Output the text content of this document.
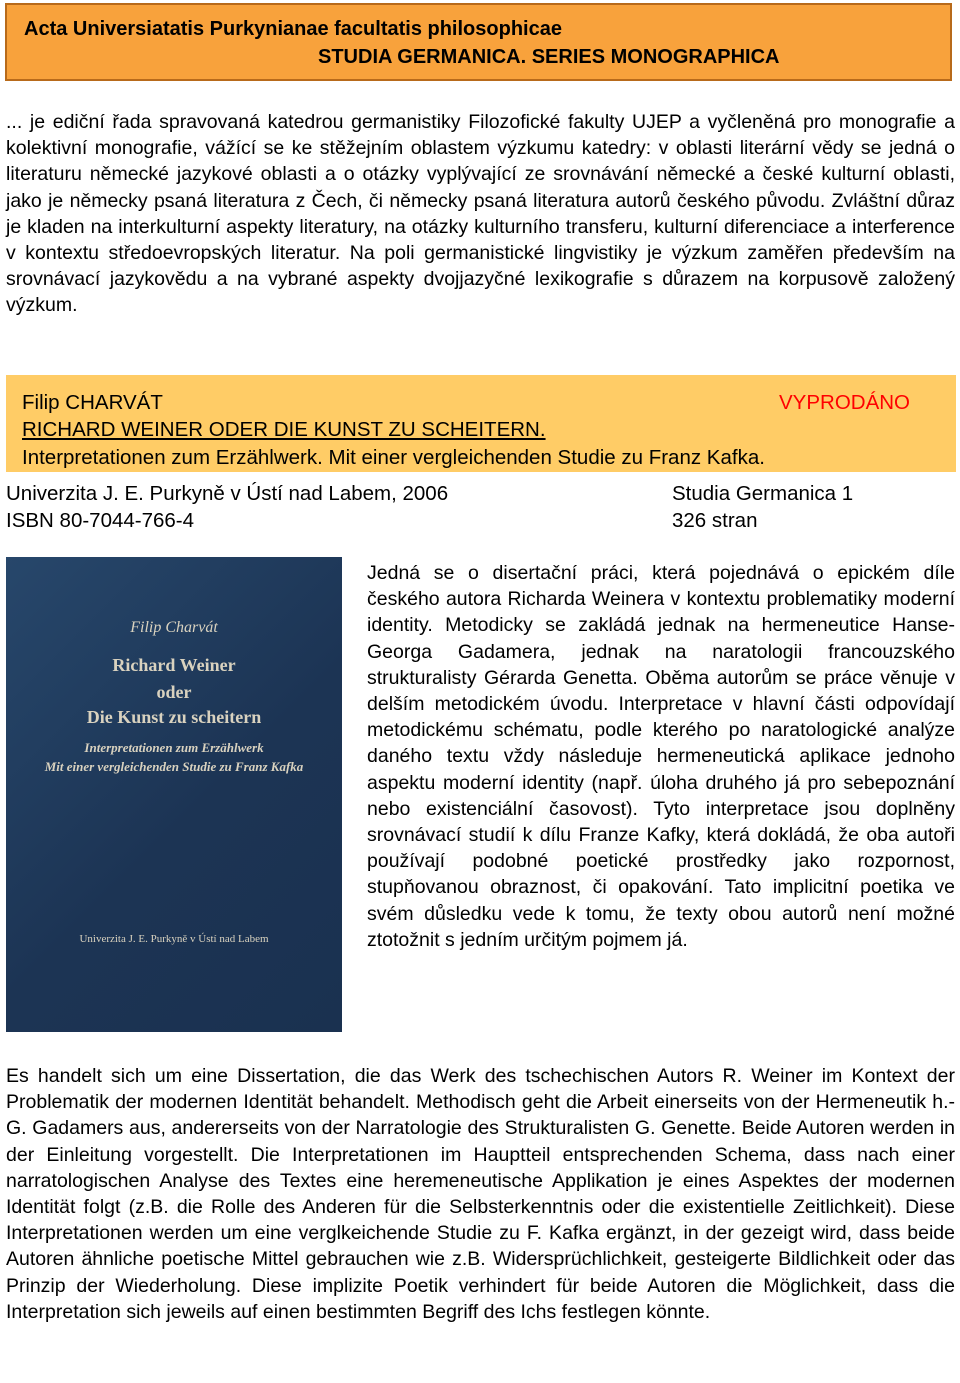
Acta Universiatatis Purkynianae facultatis philosophicae
STUDIA GERMANICA. SERIES MONOGRAPHICA

... je ediční řada spravovaná katedrou germanistiky Filozofické fakulty UJEP a vyčleněná pro monografie a kolektivní monografie, vážící se ke stěžejním oblastem výzkumu katedry: v oblasti literární vědy se jedná o literaturu německé jazykové oblasti a o otázky vyplývající ze srovnávání německé a české kulturní oblasti, jako je německy psaná literatura z Čech, či německy psaná literatura autorů českého původu. Zvláštní důraz je kladen na interkulturní aspekty literatury, na otázky kulturního transferu, kulturní diferenciace a interference v kontextu středoevropských literatur. Na poli germanistické lingvistiky je výzkum zaměřen především na srovnávací jazykovědu a na vybrané aspekty dvojjazyčné lexikografie s důrazem na korpusově založený výzkum.

Filip CHARVÁT	VYPRODÁNO
RICHARD WEINER ODER DIE KUNST ZU SCHEITERN.
Interpretationen zum Erzählwerk. Mit einer vergleichenden Studie zu Franz Kafka.
Univerzita J. E. Purkyně v Ústí nad Labem, 2006	Studia Germanica 1
ISBN 80-7044-766-4	326 stran
Filip Charvát
Richard Weiner
oder
Die Kunst zu scheitern
Interpretationen zum Erzählwerk
Mit einer vergleichenden Studie zu Franz Kafka
Univerzita J. E. Purkyně v Ústí nad Labem

Jedná se o disertační práci, která pojednává o epickém díle českého autora Richarda Weinera v kontextu problematiky moderní identity. Metodicky se zakládá jednak na hermeneutice Hanse-Georga Gadamera, jednak na naratologii francouzského strukturalisty Gérarda Genetta. Oběma autorům se práce věnuje v delším metodickém úvodu. Interpretace v hlavní části odpovídají metodickému schématu, podle kterého po naratologické analýze daného textu vždy následuje hermeneutická aplikace jednoho aspektu moderní identity (např. úloha druhého já pro sebepoznání nebo existenciální časovost). Tyto interpretace jsou doplněny srovnávací studií k dílu Franze Kafky, která dokládá, že oba autoři používají podobné poetické prostředky jako rozpornost, stupňovanou obraznost, či opakování. Tato implicitní poetika ve svém důsledku vede k tomu, že texty obou autorů není možné ztotožnit s jedním určitým pojmem já.

Es handelt sich um eine Dissertation, die das Werk des tschechischen Autors R. Weiner im Kontext der Problematik der modernen Identität behandelt. Methodisch geht die Arbeit einerseits von der Hermeneutik h.-G. Gadamers aus, andererseits von der Narratologie des Strukturalisten G. Genette. Beide Autoren werden in der Einleitung vorgestellt. Die Interpretationen im Hauptteil entsprechenden Schema, dass nach einer narratologischen Analyse des Textes eine heremeneutische Applikation je eines Aspektes der modernen Identität folgt (z.B. die Rolle des Anderen für die Selbsterkenntnis oder die existentielle Zeitlichkeit). Diese Interpretationen werden um eine verglkeichende Studie zu F. Kafka ergänzt, in der gezeigt wird, dass beide Autoren ähnliche poetische Mittel gebrauchen wie z.B. Widersprüchlichkeit, gesteigerte Bildlichkeit oder das Prinzip der Wiederholung. Diese implizite Poetik verhindert für beide Autoren die Möglichkeit, dass die Interpretation sich jeweils auf einen bestimmten Begriff des Ichs festlegen könnte.
